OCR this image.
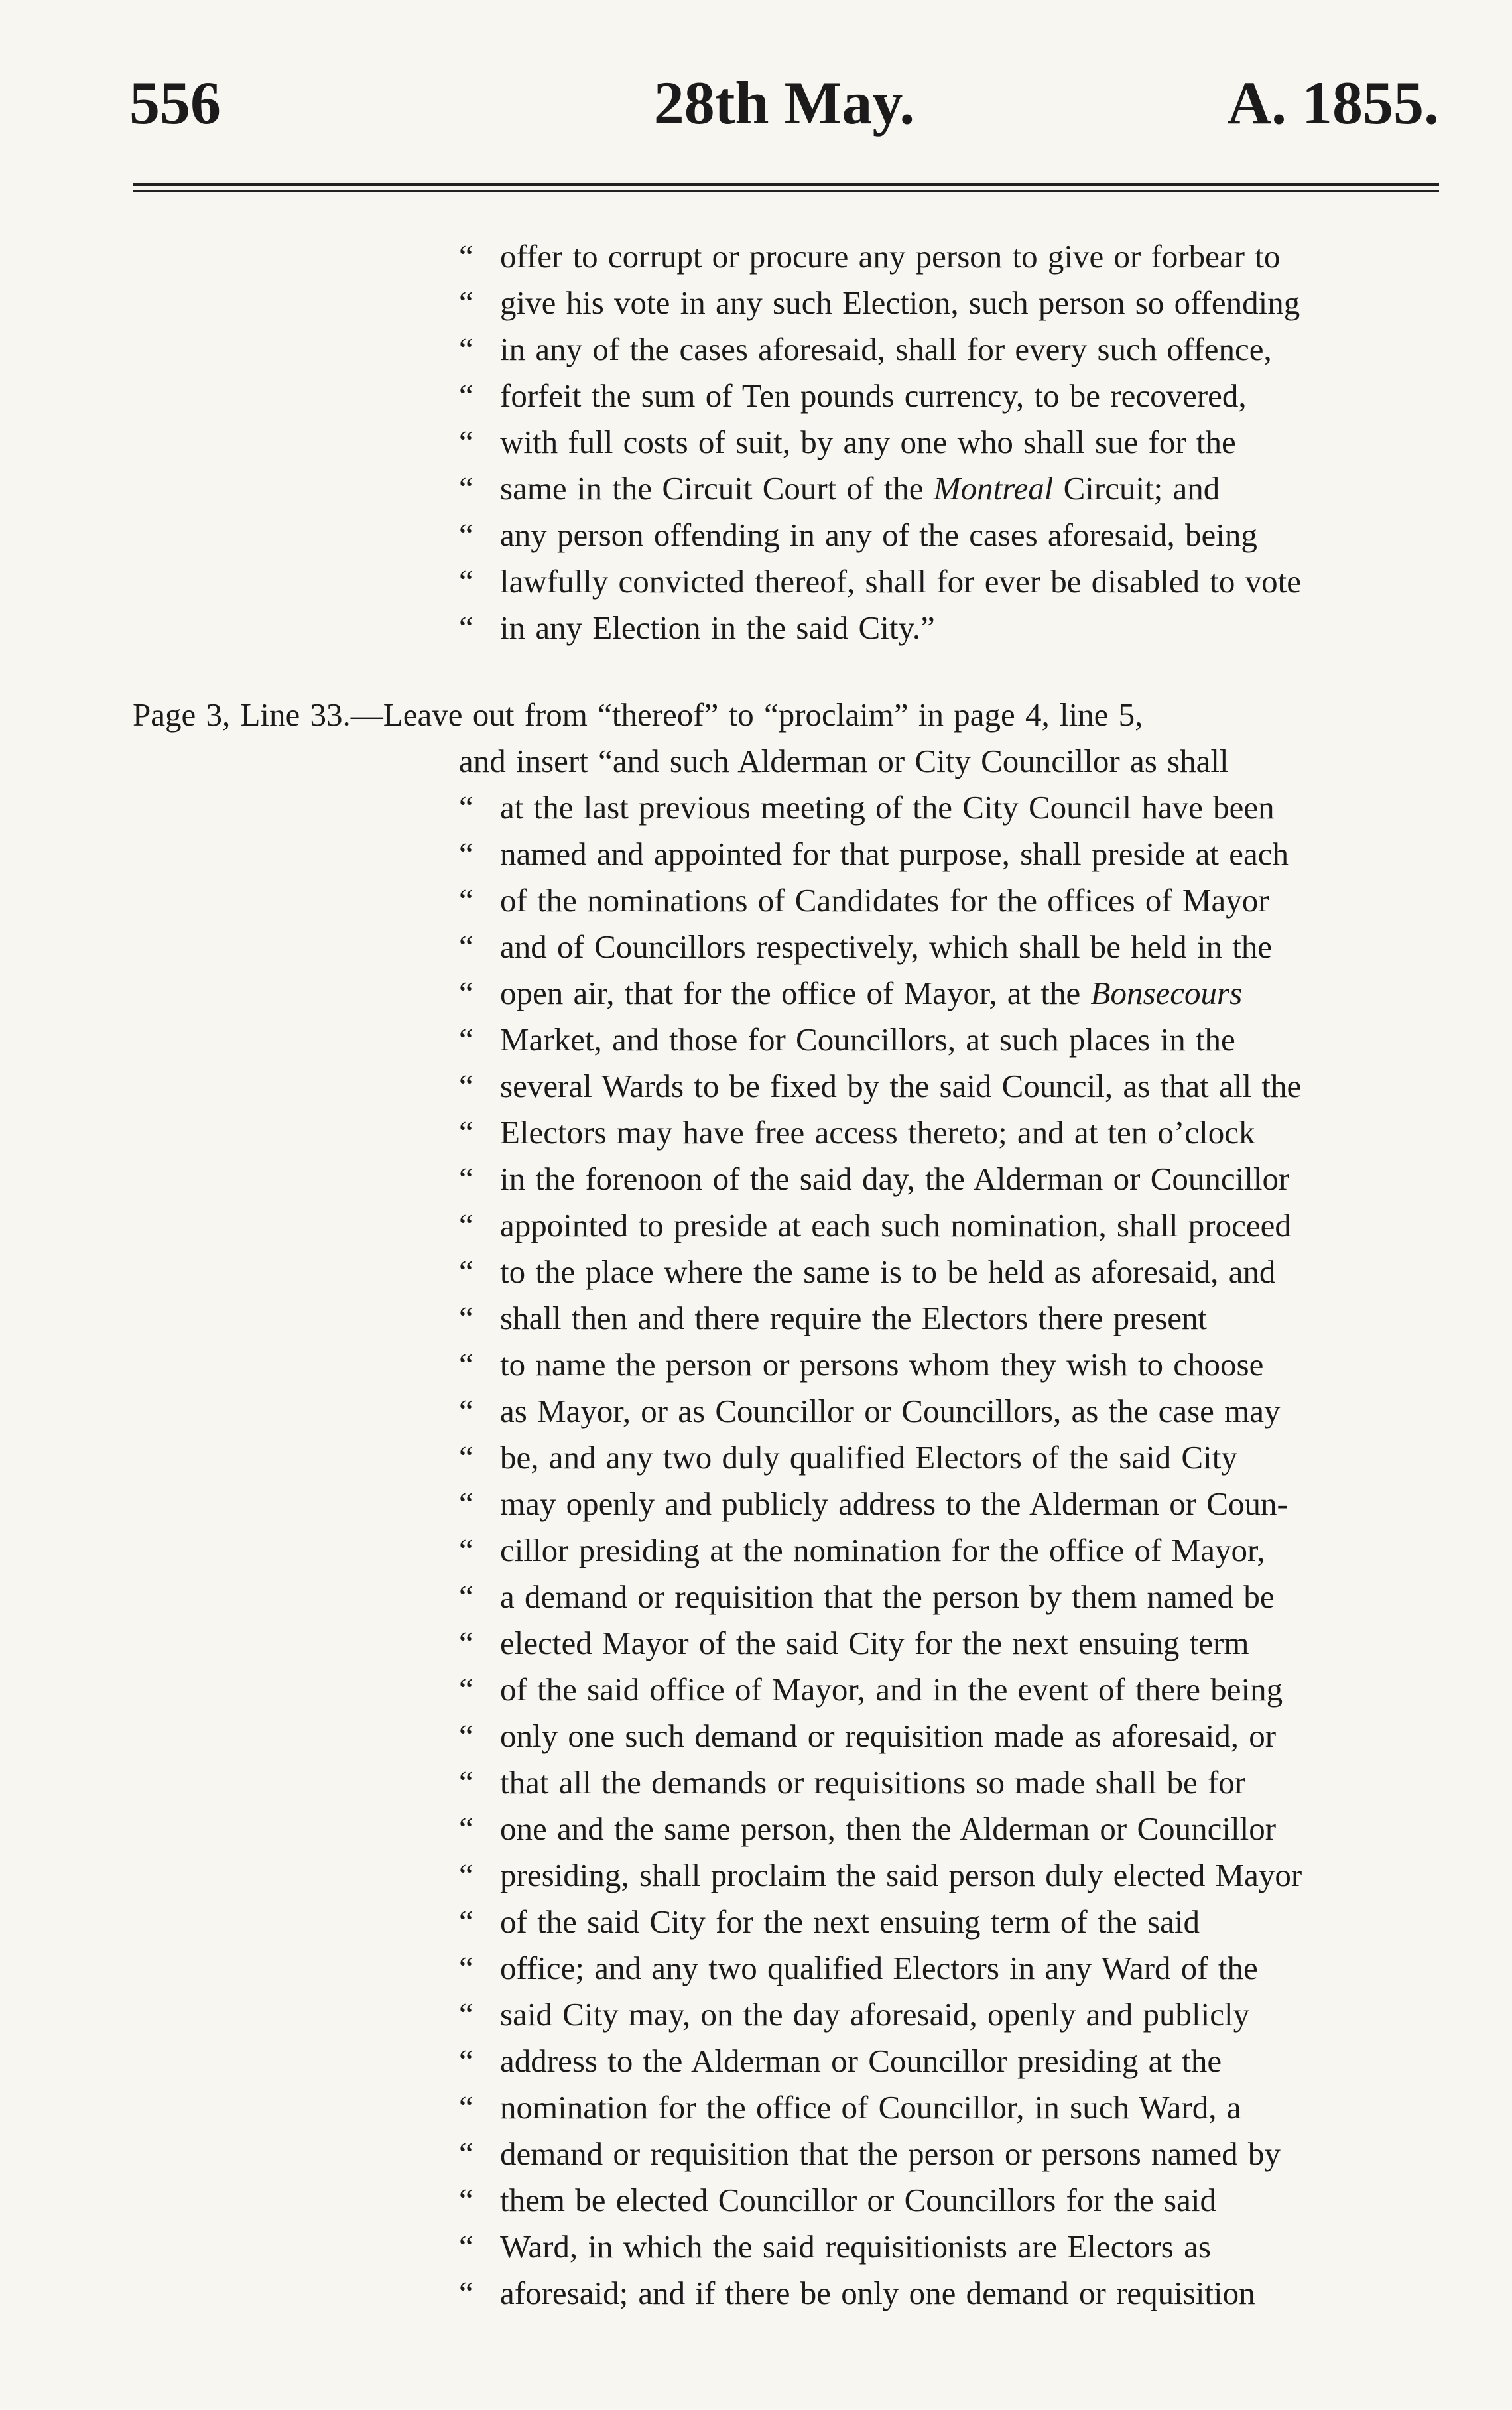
556	28th May.	A. 1855.
“ offer to corrupt or procure any person to give or forbear to
“ give his vote in any such Election, such person so offending
“ in any of the cases aforesaid, shall for every such offence,
“ forfeit the sum of Ten pounds currency, to be recovered,
“ with full costs of suit, by any one who shall sue for the
“ same in the Circuit Court of the Montreal Circuit; and
“ any person offending in any of the cases aforesaid, being
“ lawfully convicted thereof, shall for ever be disabled to vote
“ in any Election in the said City.”
Page 3, Line 33.—Leave out from “thereof” to “proclaim” in page 4, line 5,
and insert “and such Alderman or City Councillor as shall
“ at the last previous meeting of the City Council have been
“ named and appointed for that purpose, shall preside at each
“ of the nominations of Candidates for the offices of Mayor
“ and of Councillors respectively, which shall be held in the
“ open air, that for the office of Mayor, at the Bonsecours
“ Market, and those for Councillors, at such places in the
“ several Wards to be fixed by the said Council, as that all the
“ Electors may have free access thereto; and at ten o’clock
“ in the forenoon of the said day, the Alderman or Councillor
“ appointed to preside at each such nomination, shall proceed
“ to the place where the same is to be held as aforesaid, and
“ shall then and there require the Electors there present
“ to name the person or persons whom they wish to choose
“ as Mayor, or as Councillor or Councillors, as the case may
“ be, and any two duly qualified Electors of the said City
“ may openly and publicly address to the Alderman or Coun-
“ cillor presiding at the nomination for the office of Mayor,
“ a demand or requisition that the person by them named be
“ elected Mayor of the said City for the next ensuing term
“ of the said office of Mayor, and in the event of there being
“ only one such demand or requisition made as aforesaid, or
“ that all the demands or requisitions so made shall be for
“ one and the same person, then the Alderman or Councillor
“ presiding, shall proclaim the said person duly elected Mayor
“ of the said City for the next ensuing term of the said
“ office; and any two qualified Electors in any Ward of the
“ said City may, on the day aforesaid, openly and publicly
“ address to the Alderman or Councillor presiding at the
“ nomination for the office of Councillor, in such Ward, a
“ demand or requisition that the person or persons named by
“ them be elected Councillor or Councillors for the said
“ Ward, in which the said requisitionists are Electors as
“ aforesaid; and if there be only one demand or requisition
